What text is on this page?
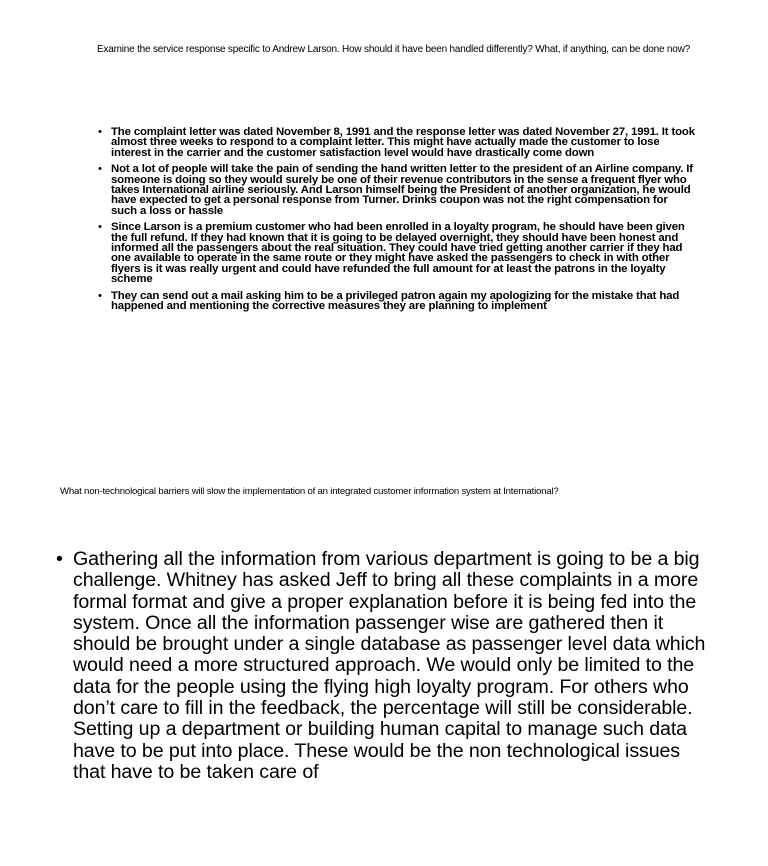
Examine the service response specific to Andrew Larson. How should it have been handled differently? What, if anything, can be done now?
• The complaint letter was dated November 8, 1991 and the response letter was dated November 27, 1991. It took almost three weeks to respond to a complaint letter. This might have actually made the customer to lose interest in the carrier and the customer satisfaction level would have drastically come down
• Not a lot of people will take the pain of sending the hand written letter to the president of an Airline company. If someone is doing so they would surely be one of their revenue contributors in the sense a frequent flyer who takes International airline seriously. And Larson himself being the President of another organization, he would have expected to get a personal response from Turner. Drinks coupon was not the right compensation for such a loss or hassle
• Since Larson is a premium customer who had been enrolled in a loyalty program, he should have been given the full refund. If they had known that it is going to be delayed overnight, they should have been honest and informed all the passengers about the real situation. They could have tried getting another carrier if they had one available to operate in the same route or they might have asked the passengers to check in with other flyers is it was really urgent and could have refunded the full amount for at least the patrons in the loyalty scheme
• They can send out a mail asking him to be a privileged patron again my apologizing for the mistake that had happened and mentioning the corrective measures they are planning to implement
What non-technological barriers will slow the implementation of an integrated customer information system at International?
• Gathering all the information from various department is going to be a big challenge. Whitney has asked Jeff to bring all these complaints in a more formal format and give a proper explanation before it is being fed into the system. Once all the information passenger wise are gathered then it should be brought under a single database as passenger level data which would need a more structured approach. We would only be limited to the data for the people using the flying high loyalty program. For others who don’t care to fill in the feedback, the percentage will still be considerable. Setting up a department or building human capital to manage such data have to be put into place. These would be the non technological issues that have to be taken care of
